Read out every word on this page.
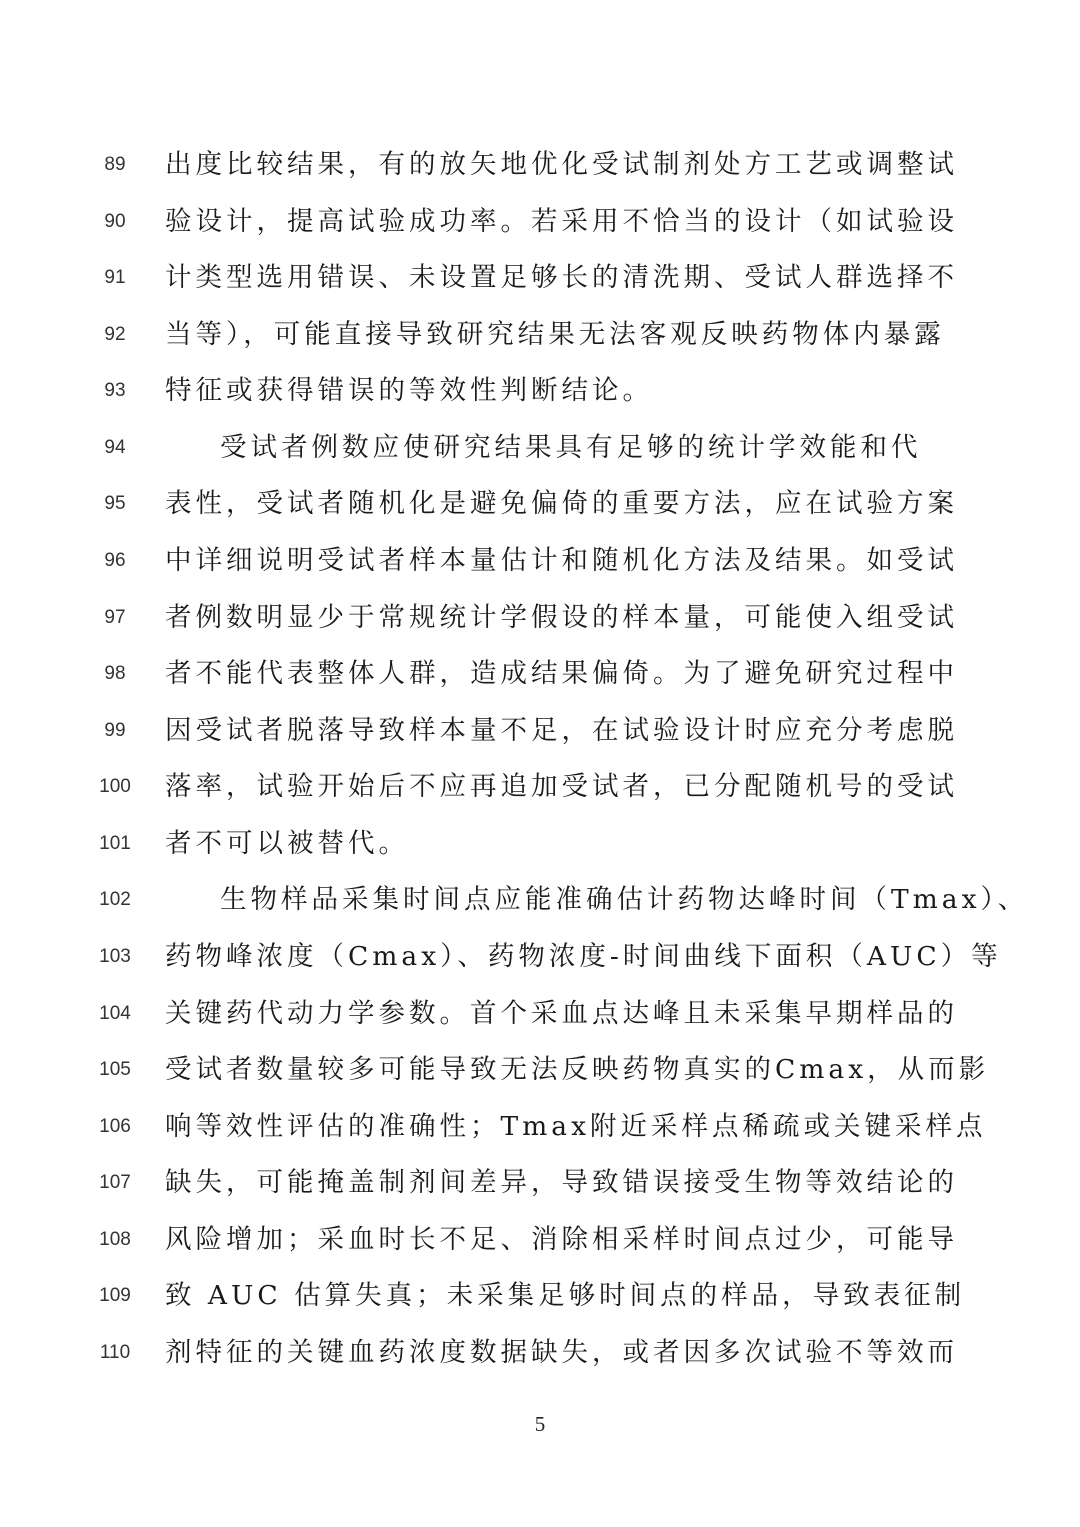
89	出度比较结果，有的放矢地优化受试制剂处方工艺或调整试
90	验设计，提高试验成功率。若采用不恰当的设计（如试验设
91	计类型选用错误、未设置足够长的清洗期、受试人群选择不
92	当等），可能直接导致研究结果无法客观反映药物体内暴露
93	特征或获得错误的等效性判断结论。
94	受试者例数应使研究结果具有足够的统计学效能和代
95	表性，受试者随机化是避免偏倚的重要方法，应在试验方案
96	中详细说明受试者样本量估计和随机化方法及结果。如受试
97	者例数明显少于常规统计学假设的样本量，可能使入组受试
98	者不能代表整体人群，造成结果偏倚。为了避免研究过程中
99	因受试者脱落导致样本量不足，在试验设计时应充分考虑脱
100	落率，试验开始后不应再追加受试者，已分配随机号的受试
101	者不可以被替代。
102	生物样品采集时间点应能准确估计药物达峰时间（Tmax）、
103	药物峰浓度（Cmax）、药物浓度-时间曲线下面积（AUC）等
104	关键药代动力学参数。首个采血点达峰且未采集早期样品的
105	受试者数量较多可能导致无法反映药物真实的Cmax，从而影
106	响等效性评估的准确性；Tmax附近采样点稀疏或关键采样点
107	缺失，可能掩盖制剂间差异，导致错误接受生物等效结论的
108	风险增加；采血时长不足、消除相采样时间点过少，可能导
109	致 AUC 估算失真；未采集足够时间点的样品，导致表征制
110	剂特征的关键血药浓度数据缺失，或者因多次试验不等效而
5
